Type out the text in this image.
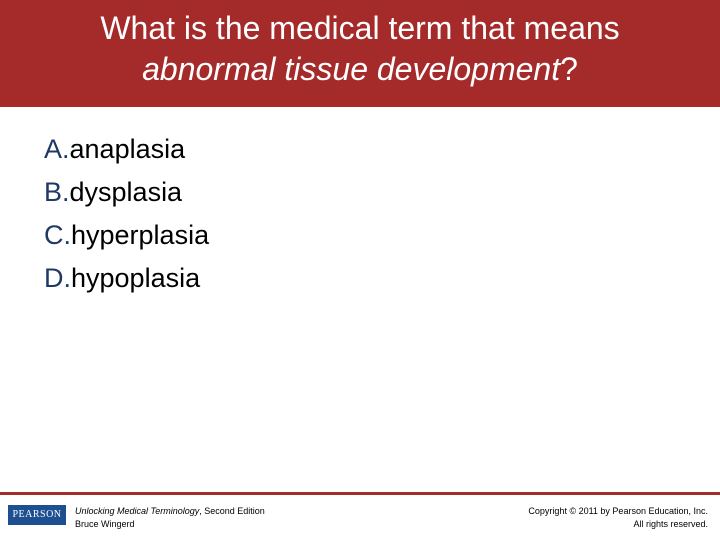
What is the medical term that means
abnormal tissue development?
A.anaplasia
B.dysplasia
C.hyperplasia
D.hypoplasia
PEARSON	Unlocking Medical Terminology, Second Edition
Bruce Wingerd
Copyright © 2011 by Pearson Education, Inc.
All rights reserved.
